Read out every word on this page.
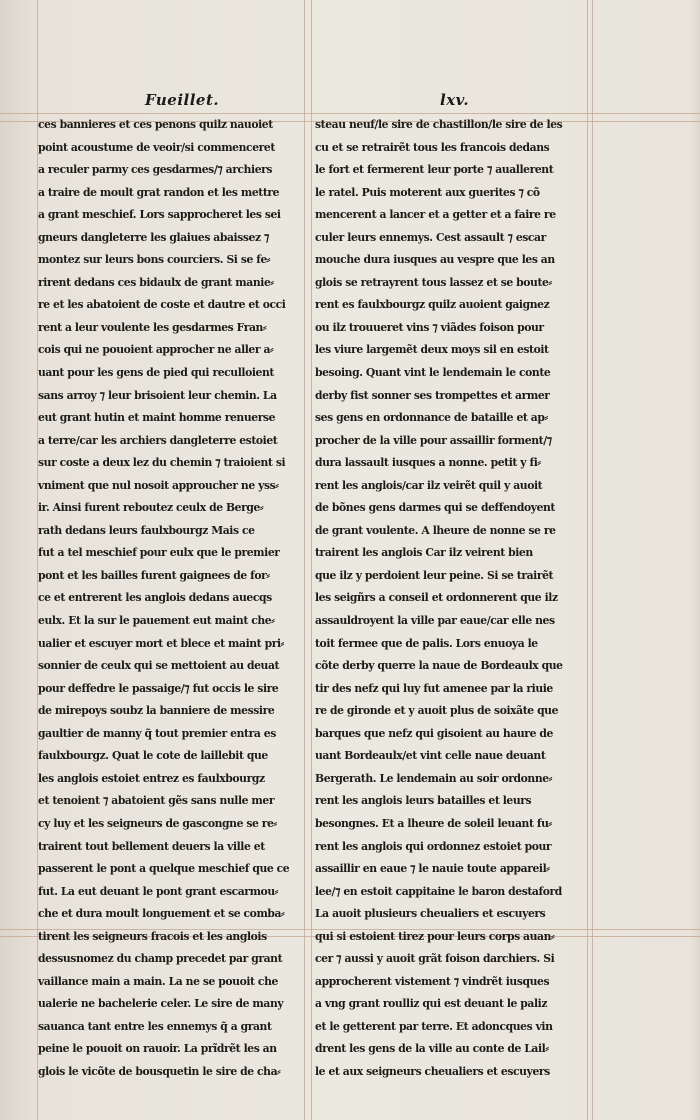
Fueillet.	lxv.
ces bannieres et ces penons quilz nauoiet
point acoustume de veoir/si commenceret
a reculer parmy ces gesdarmes/⁊ archiers
a traire de moult grat randon et les mettre
a grant meschief. Lors sapprocheret les sei
gneurs dangleterre les glaiues abaissez ⁊
montez sur leurs bons courciers. Si se fe⸗
rirent dedans ces bidaulx de grant manie⸗
re et les abatoient de coste et dautre et occi
rent a leur voulente les gesdarmes Fran⸗
cois qui ne pouoient approcher ne aller a⸗
uant pour les gens de pied qui reculloient
sans arroy ⁊ leur brisoient leur chemin. La
eut grant hutin et maint homme renuerse
a terre/car les archiers dangleterre estoiet
sur coste a deux lez du chemin ⁊ traioient si
vniment que nul nosoit approucher ne yss⸗
ir. Ainsi furent reboutez ceulx de Berge⸗
rath dedans leurs faulxbourgz Mais ce
fut a tel meschief pour eulx que le premier
pont et les bailles furent gaignees de for⸗
ce et entrerent les anglois dedans auecqs
eulx. Et la sur le pauement eut maint che⸗
ualier et escuyer mort et blece et maint pri⸗
sonnier de ceulx qui se mettoient au deuat
pour deffedre le passaige/⁊ fut occis le sire
de mirepoys soubz la banniere de messire
gaultier de manny q̃ tout premier entra es
faulxbourgz. Quat le cote de laillebit que
les anglois estoiet entrez es faulxbourgz
et tenoient ⁊ abatoient gẽs sans nulle mer
cy luy et les seigneurs de gascongne se re⸗
trairent tout bellement deuers la ville et
passerent le pont a quelque meschief que ce
fut. La eut deuant le pont grant escarmou⸗
che et dura moult longuement et se comba⸗
tirent les seigneurs fracois et les anglois
dessusnomez du champ precedet par grant
vaillance main a main. La ne se pouoit che
ualerie ne bachelerie celer. Le sire de many
sauanca tant entre les ennemys q̃ a grant
peine le pouoit on rauoir. La prĩdrẽt les an
glois le vicõte de bousquetin le sire de cha⸗
steau neuf/le sire de chastillon/le sire de les
cu et se retrairẽt tous les francois dedans
le fort et fermerent leur porte ⁊ auallerent
le ratel. Puis moterent aux guerites ⁊ cõ
mencerent a lancer et a getter et a faire re
culer leurs ennemys. Cest assault ⁊ escar
mouche dura iusques au vespre que les an
glois se retrayrent tous lassez et se boute⸗
rent es faulxbourgz quilz auoient gaignez
ou ilz trouueret vins ⁊ viãdes foison pour
les viure largemẽt deux moys sil en estoit
besoing. Quant vint le lendemain le conte
derby fist sonner ses trompettes et armer
ses gens en ordonnance de bataille et ap⸗
procher de la ville pour assaillir forment/⁊
dura lassault iusques a nonne. petit y fi⸗
rent les anglois/car ilz veirẽt quil y auoit
de bõnes gens darmes qui se deffendoyent
de grant voulente. A lheure de nonne se re
trairent les anglois Car ilz veirent bien
que ilz y perdoient leur peine. Si se trairẽt
les seigñrs a conseil et ordonnerent que ilz
assauldroyent la ville par eaue/car elle nes
toit fermee que de palis. Lors enuoya le
cõte derby querre la naue de Bordeaulx que
tir des nefz qui luy fut amenee par la riuie
re de gironde et y auoit plus de soixãte que
barques que nefz qui gisoient au haure de
uant Bordeaulx/et vint celle naue deuant
Bergerath. Le lendemain au soir ordonne⸗
rent les anglois leurs batailles et leurs
besongnes. Et a lheure de soleil leuant fu⸗
rent les anglois qui ordonnez estoiet pour
assaillir en eaue ⁊ le nauie toute appareil⸗
lee/⁊ en estoit cappitaine le baron destaford
La auoit plusieurs cheualiers et escuyers
qui si estoient tirez pour leurs corps auan⸗
cer ⁊ aussi y auoit grãt foison darchiers. Si
approcherent vistement ⁊ vindrẽt iusques
a vng grant roulliz qui est deuant le paliz
et le getterent par terre. Et adoncques vin
drent les gens de la ville au conte de Lail⸗
le et aux seigneurs cheualiers et escuyers
